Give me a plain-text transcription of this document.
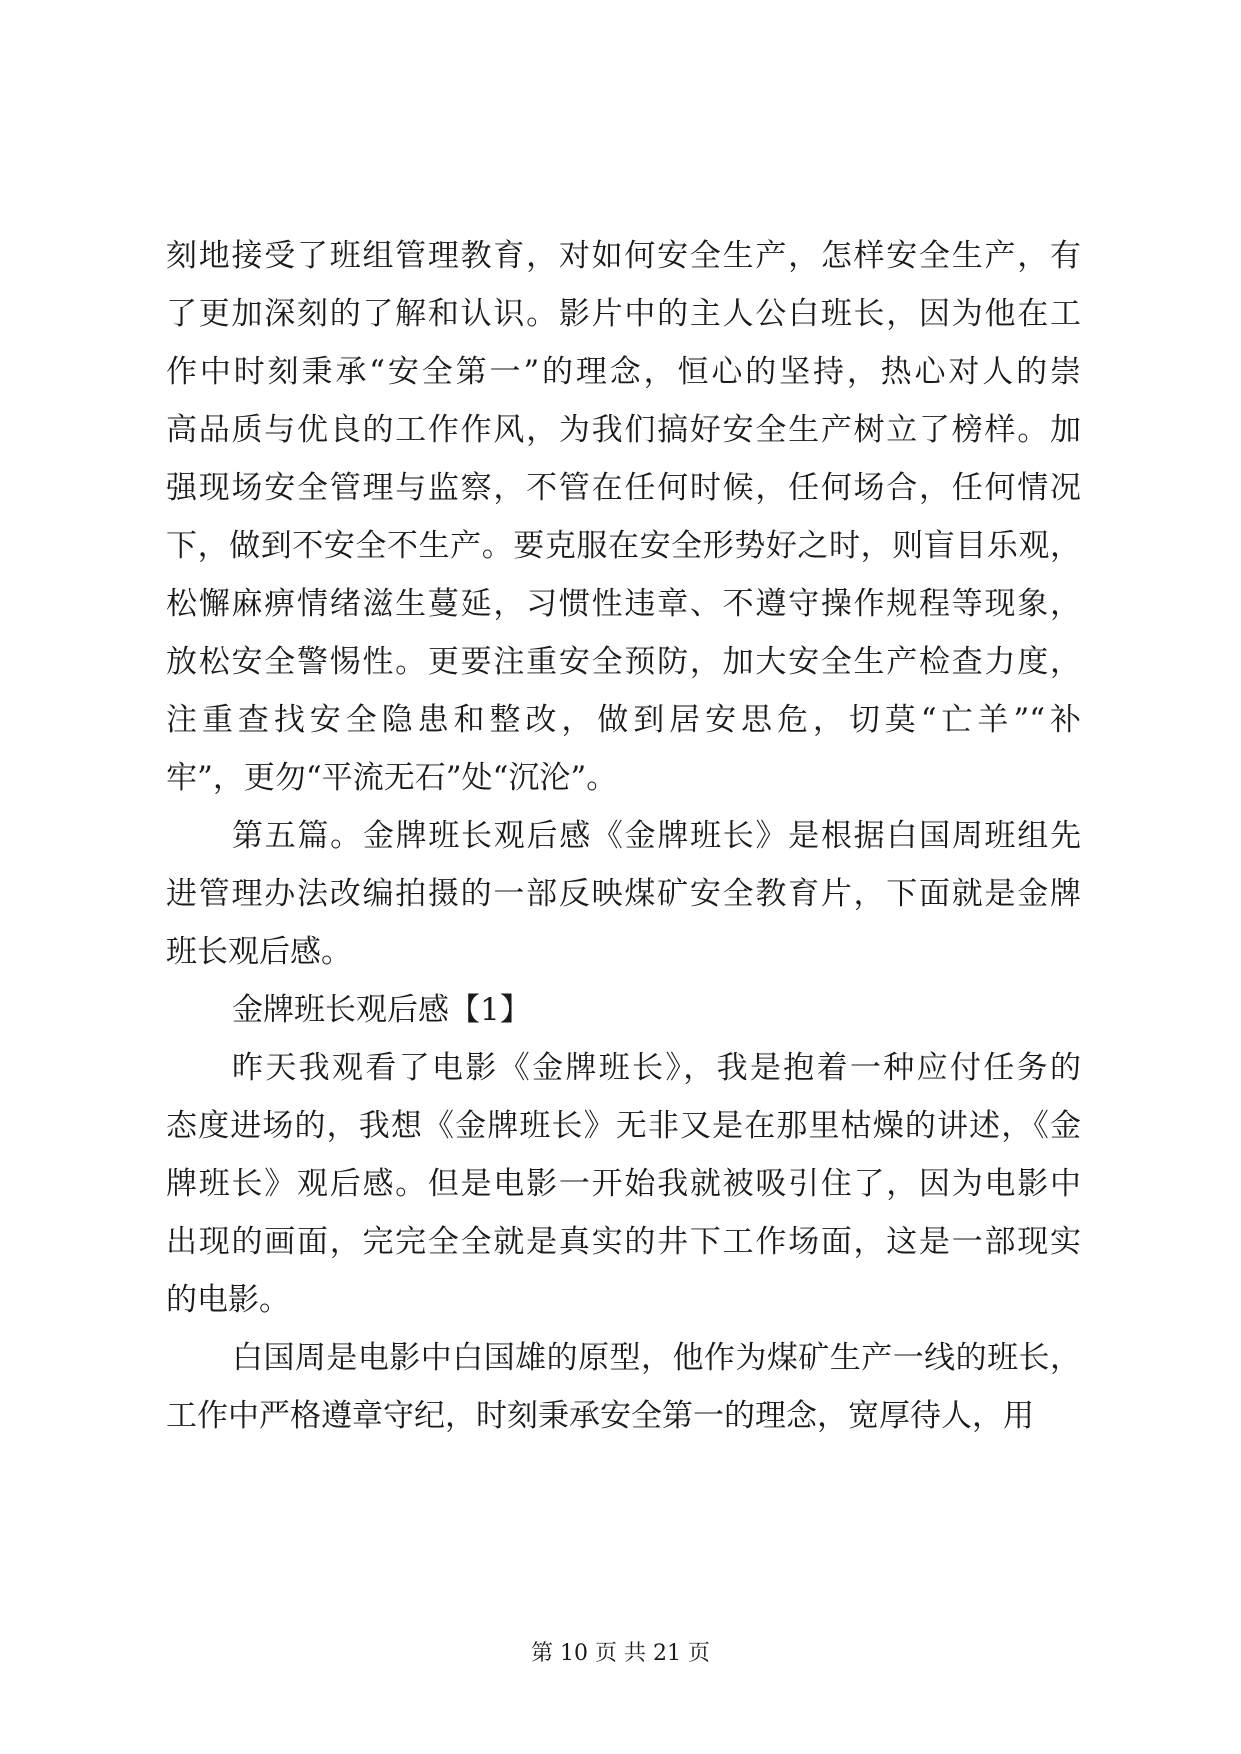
刻地接受了班组管理教育，对如何安全生产，怎样安全生产，有
了更加深刻的了解和认识。影片中的主人公白班长，因为他在工
作中时刻秉承“安全第一”的理念，恒心的坚持，热心对人的崇
高品质与优良的工作作风，为我们搞好安全生产树立了榜样。加
强现场安全管理与监察，不管在任何时候，任何场合，任何情况
下，做到不安全不生产。要克服在安全形势好之时，则盲目乐观，
松懈麻痹情绪滋生蔓延，习惯性违章、不遵守操作规程等现象，
放松安全警惕性。更要注重安全预防，加大安全生产检查力度，
注重查找安全隐患和整改，做到居安思危，切莫“亡羊”“补
牢”，更勿“平流无石”处“沉沦”。
第五篇。金牌班长观后感《金牌班长》是根据白国周班组先
进管理办法改编拍摄的一部反映煤矿安全教育片，下面就是金牌
班长观后感。
金牌班长观后感【1】
昨天我观看了电影《金牌班长》，我是抱着一种应付任务的
态度进场的，我想《金牌班长》无非又是在那里枯燥的讲述，《金
牌班长》观后感。但是电影一开始我就被吸引住了，因为电影中
出现的画面，完完全全就是真实的井下工作场面，这是一部现实
的电影。
白国周是电影中白国雄的原型，他作为煤矿生产一线的班长，
工作中严格遵章守纪，时刻秉承安全第一的理念，宽厚待人，用
第 10 页 共 21 页
